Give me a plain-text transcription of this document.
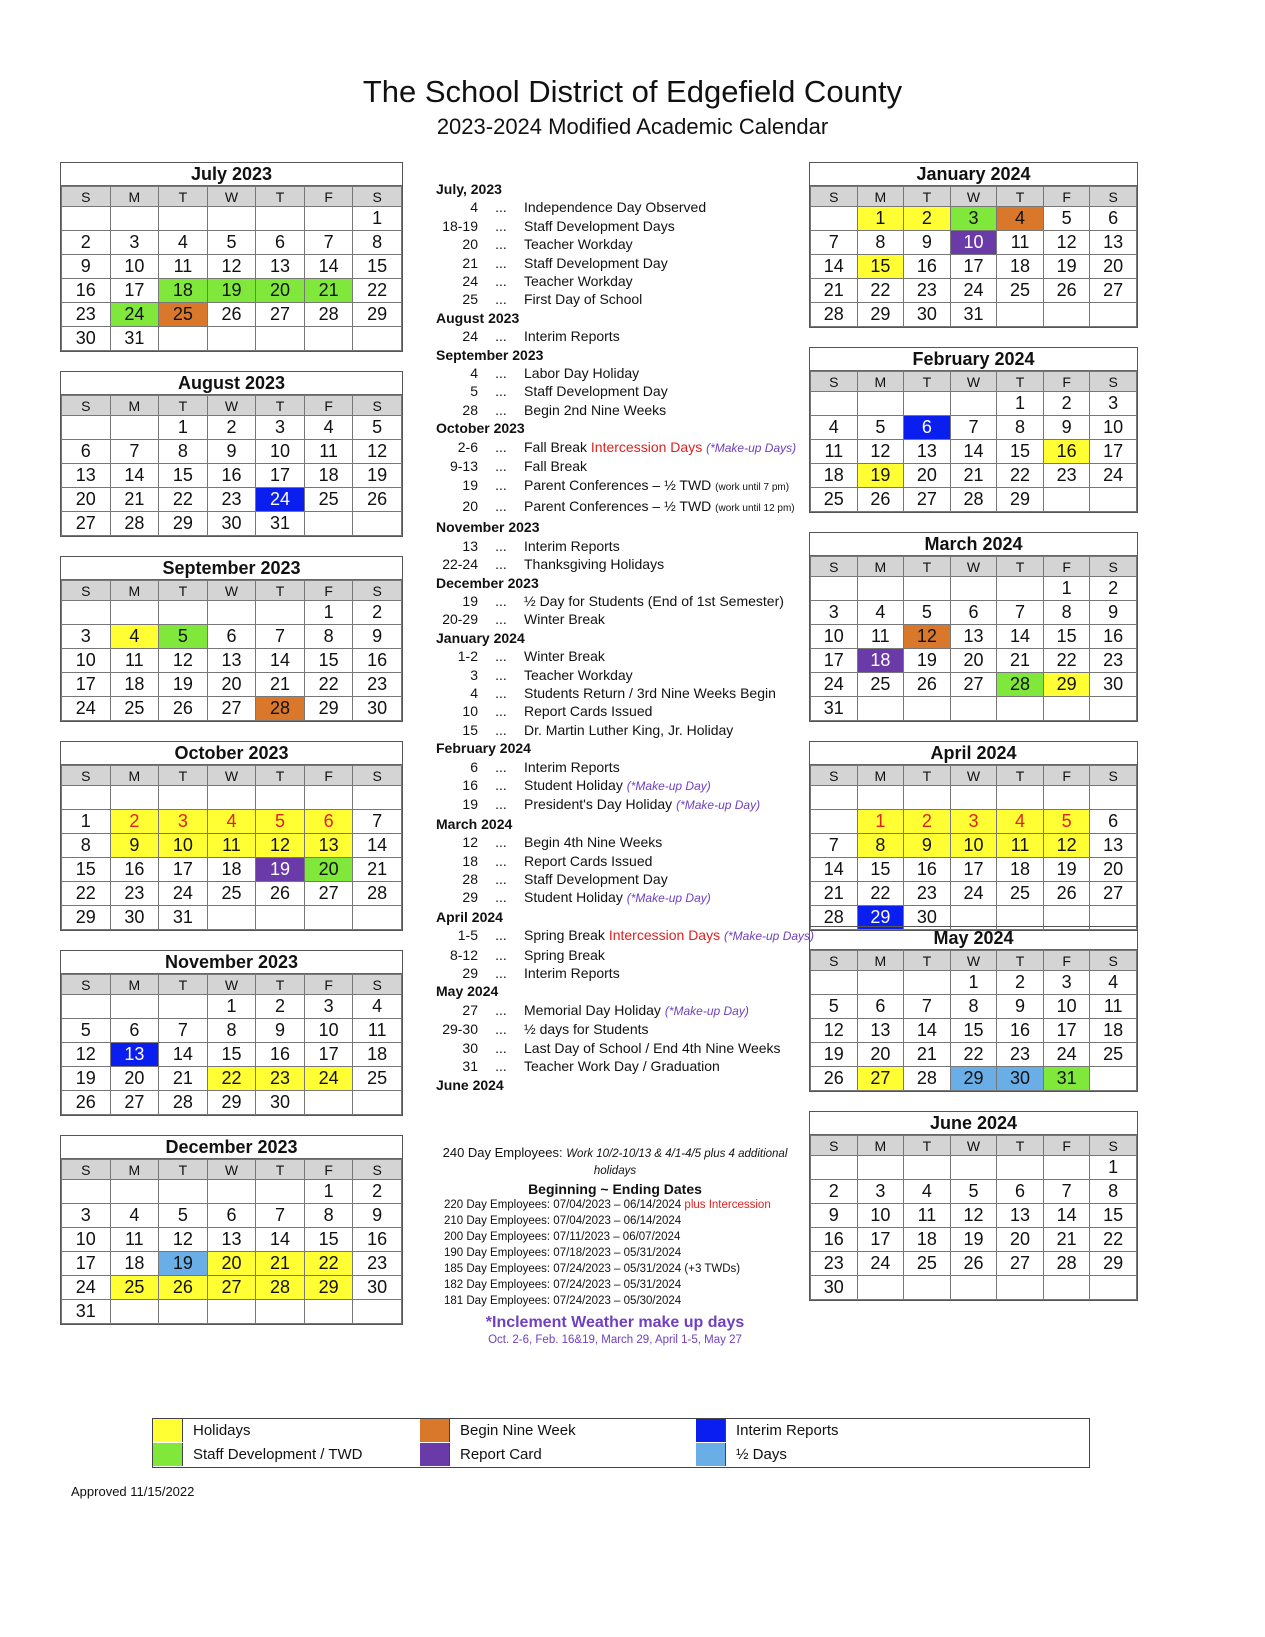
The School District of Edgefield County
2023-2024 Modified Academic Calendar
July 2023
S	M	T	W	T	F	S
						1
2	3	4	5	6	7	8
9	10	11	12	13	14	15
16	17	18	19	20	21	22
23	24	25	26	27	28	29
30	31					
August 2023
S	M	T	W	T	F	S
		1	2	3	4	5
6	7	8	9	10	11	12
13	14	15	16	17	18	19
20	21	22	23	24	25	26
27	28	29	30	31		
September 2023
S	M	T	W	T	F	S
					1	2
3	4	5	6	7	8	9
10	11	12	13	14	15	16
17	18	19	20	21	22	23
24	25	26	27	28	29	30
October 2023
S	M	T	W	T	F	S

1	2	3	4	5	6	7
8	9	10	11	12	13	14
15	16	17	18	19	20	21
22	23	24	25	26	27	28
29	30	31				
November 2023
S	M	T	W	T	F	S
			1	2	3	4
5	6	7	8	9	10	11
12	13	14	15	16	17	18
19	20	21	22	23	24	25
26	27	28	29	30		
December 2023
S	M	T	W	T	F	S
					1	2
3	4	5	6	7	8	9
10	11	12	13	14	15	16
17	18	19	20	21	22	23
24	25	26	27	28	29	30
31						
January 2024
S	M	T	W	T	F	S
	1	2	3	4	5	6
7	8	9	10	11	12	13
14	15	16	17	18	19	20
21	22	23	24	25	26	27
28	29	30	31			
February 2024
S	M	T	W	T	F	S
				1	2	3
4	5	6	7	8	9	10
11	12	13	14	15	16	17
18	19	20	21	22	23	24
25	26	27	28	29		
March 2024
S	M	T	W	T	F	S
					1	2
3	4	5	6	7	8	9
10	11	12	13	14	15	16
17	18	19	20	21	22	23
24	25	26	27	28	29	30
31						
April 2024
S	M	T	W	T	F	S

	1	2	3	4	5	6
7	8	9	10	11	12	13
14	15	16	17	18	19	20
21	22	23	24	25	26	27
28	29	30				
May 2024
S	M	T	W	T	F	S
			1	2	3	4
5	6	7	8	9	10	11
12	13	14	15	16	17	18
19	20	21	22	23	24	25
26	27	28	29	30	31	
June 2024
S	M	T	W	T	F	S
						1
2	3	4	5	6	7	8
9	10	11	12	13	14	15
16	17	18	19	20	21	22
23	24	25	26	27	28	29
30						
July, 2023
4	...	Independence Day Observed
18-19	...	Staff Development Days
20	...	Teacher Workday
21	...	Staff Development Day
24	...	Teacher Workday
25	...	First Day of School
August 2023
24	...	Interim Reports
September 2023
4	...	Labor Day Holiday
5	...	Staff Development Day
28	...	Begin 2nd Nine Weeks
October 2023
2-6	...	Fall Break Intercession Days (*Make-up Days)
9-13	...	Fall Break
19	...	Parent Conferences – ½ TWD (work until 7 pm)
20	...	Parent Conferences – ½ TWD (work until 12 pm)
November 2023
13	...	Interim Reports
22-24	...	Thanksgiving Holidays
December 2023
19	...	½ Day for Students (End of 1st Semester)
20-29	...	Winter Break
January 2024
1-2	...	Winter Break
3	...	Teacher Workday
4	...	Students Return / 3rd Nine Weeks Begin
10	...	Report Cards Issued
15	...	Dr. Martin Luther King, Jr. Holiday
February 2024
6	...	Interim Reports
16	...	Student Holiday (*Make-up Day)
19	...	President's Day Holiday (*Make-up Day)
March 2024
12	...	Begin 4th Nine Weeks
18	...	Report Cards Issued
28	...	Staff Development Day
29	...	Student Holiday (*Make-up Day)
April 2024
1-5	...	Spring Break Intercession Days (*Make-up Days)
8-12	...	Spring Break
29	...	Interim Reports
May 2024
27	...	Memorial Day Holiday (*Make-up Day)
29-30	...	½ days for Students
30	...	Last Day of School / End 4th Nine Weeks
31	...	Teacher Work Day / Graduation
June 2024
240 Day Employees: Work 10/2-10/13 & 4/1-4/5 plus 4 additional holidays
Beginning ~ Ending Dates
220 Day Employees: 07/04/2023 – 06/14/2024 plus Intercession
210 Day Employees: 07/04/2023 – 06/14/2024
200 Day Employees: 07/11/2023 – 06/07/2024
190 Day Employees: 07/18/2023 – 05/31/2024
185 Day Employees: 07/24/2023 – 05/31/2024 (+3 TWDs)
182 Day Employees: 07/24/2023 – 05/31/2024
181 Day Employees: 07/24/2023 – 05/30/2024
*Inclement Weather make up days
Oct. 2-6, Feb. 16&19, March 29, April 1-5, May 27
Holidays
Staff Development / TWD
Begin Nine Week
Report Card
Interim Reports
½ Days
Approved 11/15/2022
